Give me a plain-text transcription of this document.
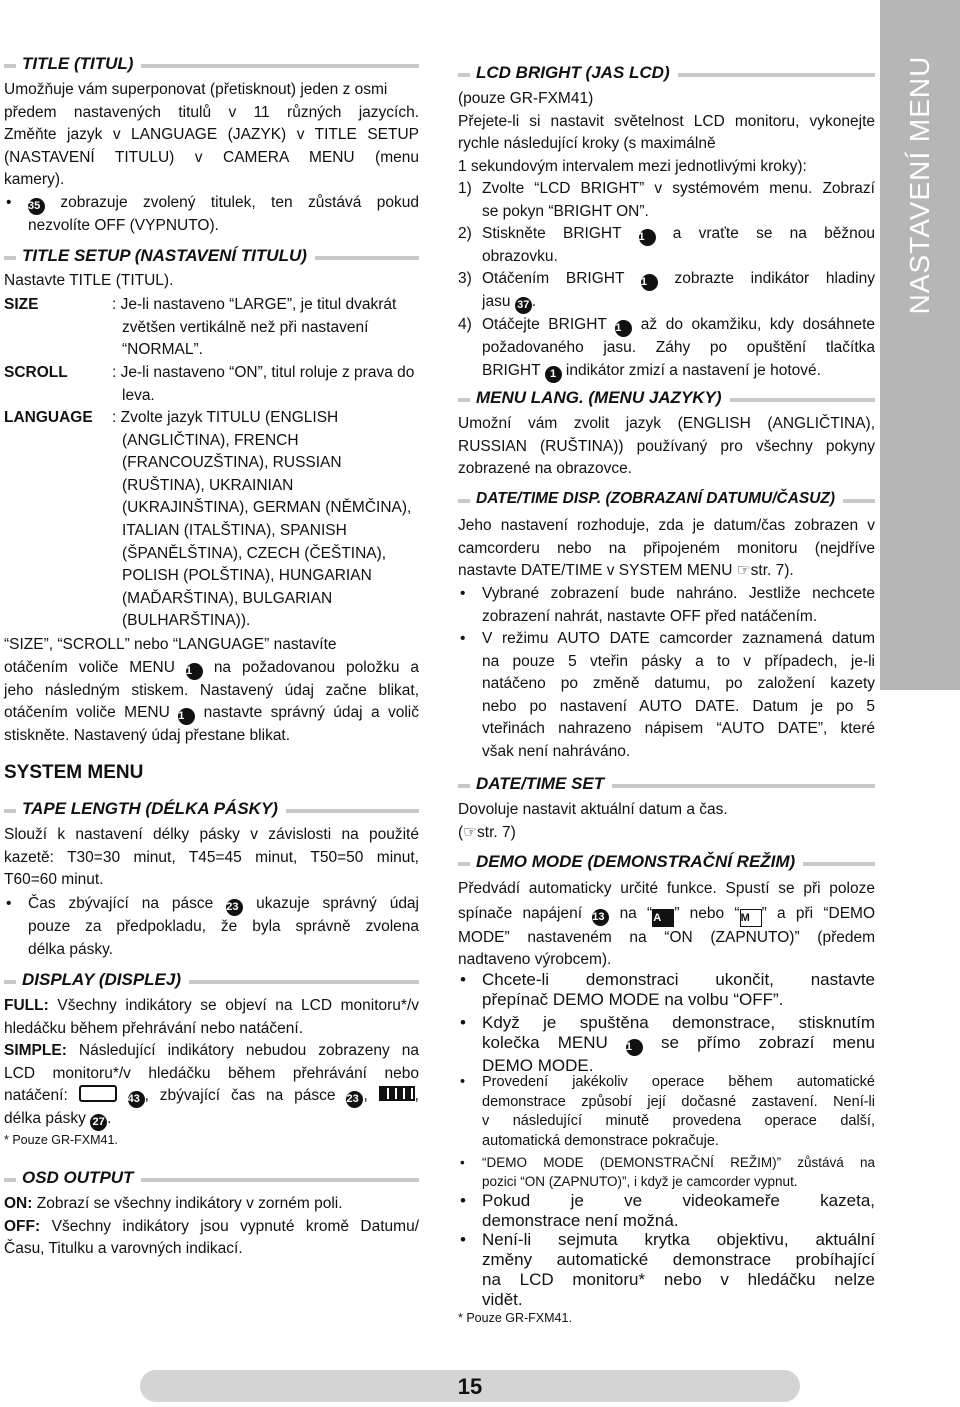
NASTAVENÍ MENU
TITLE (TITUL)
Umožňuje vám superponovat (přetisknout) jeden z osmi
předem nastavených titulů v 11 různých jazycích.
Změňte jazyk v LANGUAGE (JAZYK) v TITLE SETUP
(NASTAVENÍ TITULU) v CAMERA MENU (menu
kamery).
• 35 zobrazuje zvolený titulek, ten zůstává pokud
nezvolíte OFF (VYPNUTO).
TITLE SETUP (NASTAVENÍ TITULU)
Nastavte TITLE (TITUL).
SIZE	: Je-li nastaveno “LARGE”, je titul dvakrát zvětšen vertikálně než při nastavení “NORMAL”.
SCROLL	: Je-li nastaveno “ON”, titul roluje z prava do leva.
LANGUAGE : Zvolte jazyk TITULU (ENGLISH (ANGLIČTINA), FRENCH (FRANCOUZŠTINA), RUSSIAN (RUŠTINA), UKRAINIAN (UKRAJINŠTINA), GERMAN (NĚMČINA), ITALIAN (ITALŠTINA), SPANISH (ŠPANĚLŠTINA), CZECH (ČEŠTINA), POLISH (POLŠTINA), HUNGARIAN (MAĎARŠTINA), BULGARIAN (BULHARŠTINA)).
“SIZE”, “SCROLL” nebo “LANGUAGE” nastavíte
otáčením voliče MENU 1 na požadovanou položku a
jeho následným stiskem. Nastavený údaj začne blikat,
otáčením voliče MENU 1 nastavte správný údaj a volič
stiskněte. Nastavený údaj přestane blikat.
SYSTEM MENU
TAPE LENGTH (DÉLKA PÁSKY)
Slouží k nastavení délky pásky v závislosti na použité
kazetě: T30=30 minut, T45=45 minut, T50=50 minut,
T60=60 minut.
• Čas zbývající na pásce 23 ukazuje správný údaj
pouze za předpokladu, že byla správně zvolena
délka pásky.
DISPLAY (DISPLEJ)
FULL: Všechny indikátory se objeví na LCD monitoru*/v
hledáčku během přehrávání nebo natáčení.
SIMPLE: Následující indikátory nebudou zobrazeny na
LCD monitoru*/v hledáčku během přehrávání nebo
natáčení:	43 , zbývající čas na pásce 23 , ,
délka pásky 27 .
* Pouze GR-FXM41.
OSD OUTPUT
ON: Zobrazí se všechny indikátory v zorném poli.
OFF: Všechny indikátory jsou vypnuté kromě Datumu/
Času, Titulku a varovných indikací.
LCD BRIGHT (JAS LCD)
(pouze GR-FXM41)
Přejete-li si nastavit světelnost LCD monitoru, vykonejte
rychle následující kroky (s maximálně
1 sekundovým intervalem mezi jednotlivými kroky):
1) Zvolte “LCD BRIGHT” v systémovém menu. Zobrazí
se pokyn “BRIGHT ON”.
2) Stiskněte BRIGHT 1 a vraťte se na běžnou
obrazovku.
3) Otáčením BRIGHT 1 zobrazte indikátor hladiny
jasu 37 .
4) Otáčejte BRIGHT 1 až do okamžiku, kdy dosáhnete
požadovaného jasu. Záhy po opuštění tlačítka
BRIGHT 1 indikátor zmizí a nastavení je hotové.
MENU LANG. (MENU JAZYKY)
Umožní vám zvolit jazyk (ENGLISH (ANGLIČTINA),
RUSSIAN (RUŠTINA)) používaný pro všechny pokyny
zobrazené na obrazovce.
DATE/TIME DISP. (ZOBRAZANÍ DATUMU/ČASUZ)
Jeho nastavení rozhoduje, zda je datum/čas zobrazen v
camcorderu nebo na připojeném monitoru (nejdříve
nastavte DATE/TIME v SYSTEM MENU ☞str. 7).
• Vybrané zobrazení bude nahráno. Jestliže nechcete
zobrazení nahrát, nastavte OFF před natáčením.
• V režimu AUTO DATE camcorder zaznamená datum
na pouze 5 vteřin pásky a to v případech, je-li
natáčeno po změně datumu, po založení kazety
nebo po nastavení AUTO DATE. Datum je po 5
vteřinách nahrazeno nápisem “AUTO DATE”, které
však není nahráváno.
DATE/TIME SET
Dovoluje nastavit aktuální datum a čas.
(☞str. 7)
DEMO MODE (DEMONSTRAČNÍ REŽIM)
Předvádí automaticky určité funkce. Spustí se při poloze
spínače napájení 13 na “A ” nebo “M ” a při “DEMO
MODE” nastaveném na “ON (ZAPNUTO)” (předem
nadtaveno výrobcem).
• Chcete-li demonstraci ukončit, nastavte
přepínač DEMO MODE na volbu “OFF”.
• Když je spuštěna demonstrace, stisknutím
kolečka MENU 1 se přímo zobrazí menu
DEMO MODE.
• Provedení jakékoliv operace během automatické
demonstrace způsobí její dočasné zastavení. Není-li
v následující minutě provedena operace další,
automatická demonstrace pokračuje.
• “DEMO MODE (DEMONSTRAČNÍ REŽIM)” zůstává na
pozici “ON (ZAPNUTO)”, i když je camcorder vypnut.
• Pokud je ve videokameře kazeta,
demonstrace není možná.
• Není-li sejmuta krytka objektivu, aktuální
změny automatické demonstrace probíhající
na LCD monitoru* nebo v hledáčku nelze
vidět.
* Pouze GR-FXM41.
15
